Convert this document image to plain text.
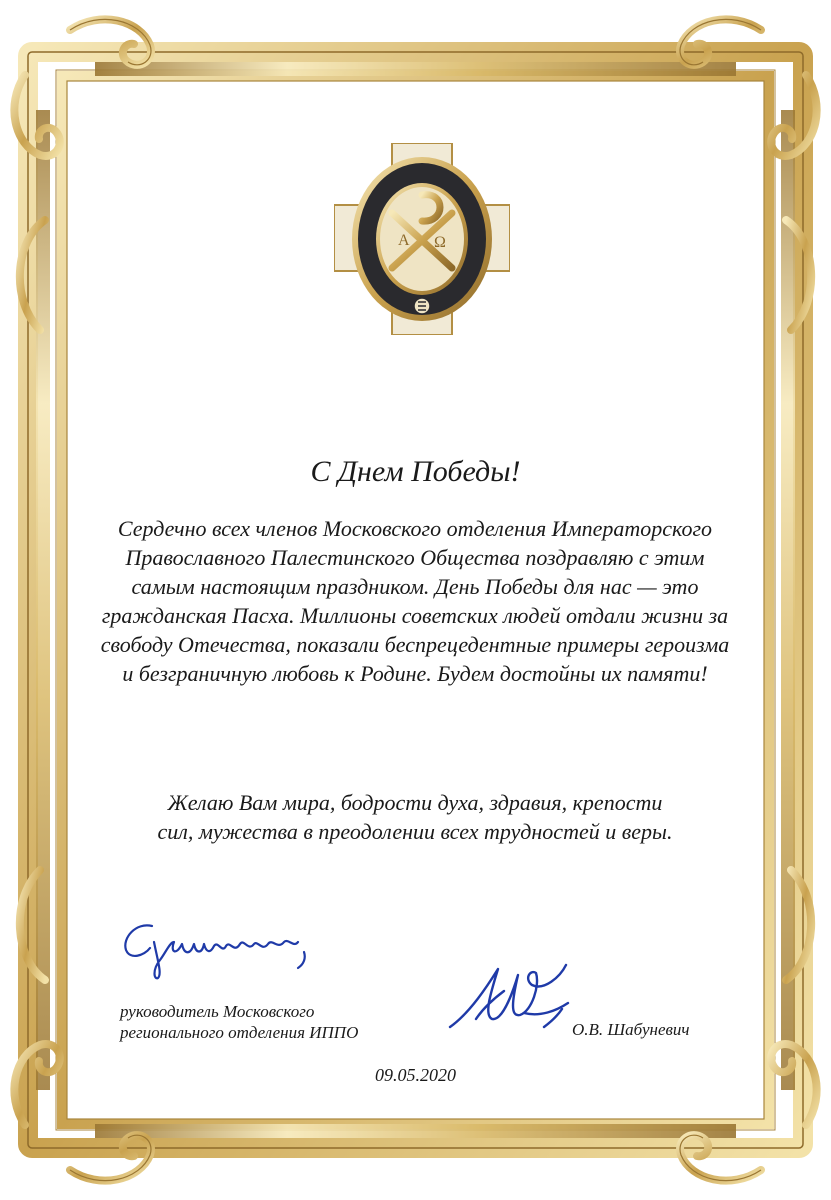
А Ω
С Днем Победы!

Сердечно всех членов Московского отделения Императорского Православного Палестинского Общества поздравляю с этим самым настоящим праздником. День Победы для нас — это гражданская Пасха. Миллионы советских людей отдали жизни за свободу Отечества, показали беспрецедентные примеры героизма и безграничную любовь к Родине. Будем достойны их памяти!

Желаю Вам мира, бодрости духа, здравия, крепости
сил, мужества в преодолении всех трудностей и веры.
руководитель Московского
регионального отделения ИППО	О.В. Шабуневич
09.05.2020
